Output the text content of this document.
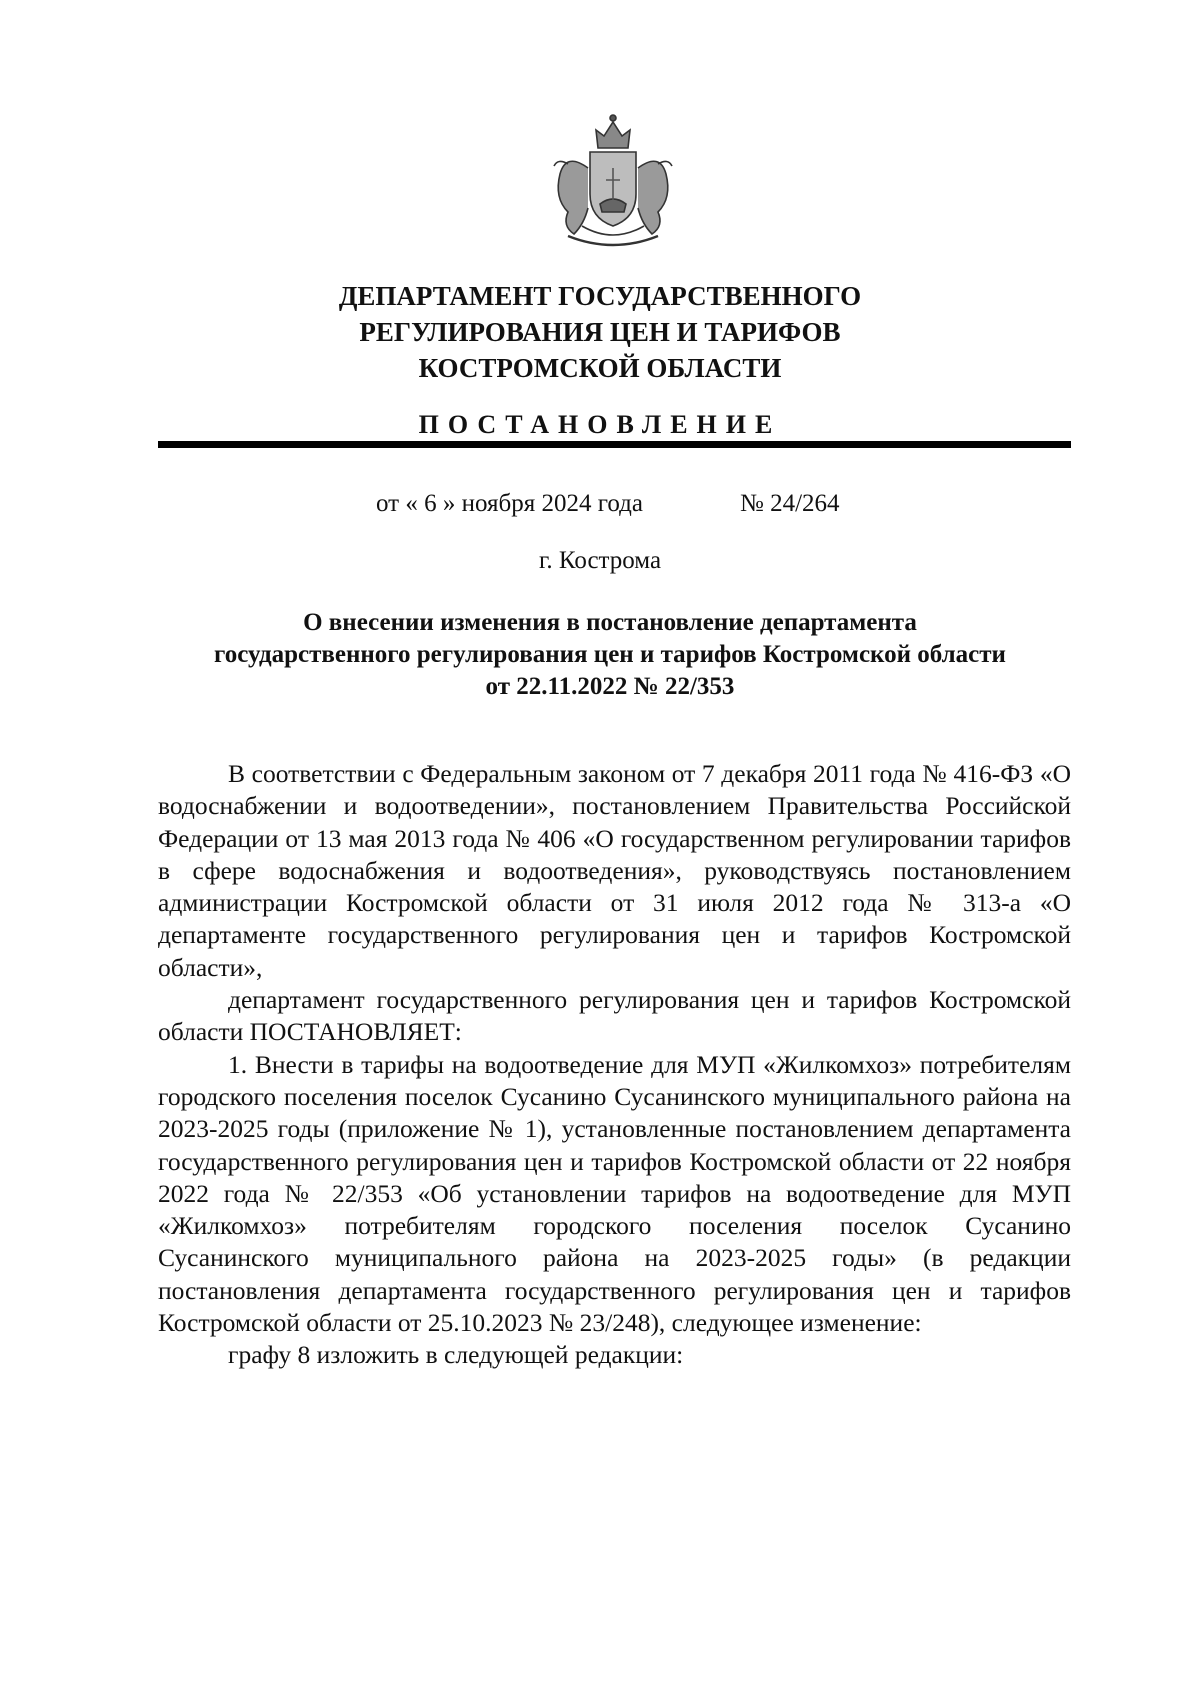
ДЕПАРТАМЕНТ ГОСУДАРСТВЕННОГО
РЕГУЛИРОВАНИЯ ЦЕН И ТАРИФОВ
КОСТРОМСКОЙ ОБЛАСТИ
ПОСТАНОВЛЕНИЕ
от « 6 » ноября 2024 года	№ 24/264
г. Кострома
О внесении изменения в постановление департамента
государственного регулирования цен и тарифов Костромской области
от 22.11.2022 № 22/353

В соответствии с Федеральным законом от 7 декабря 2011 года № 416-ФЗ «О водоснабжении и водоотведении», постановлением Правительства Российской Федерации от 13 мая 2013 года № 406 «О государственном регулировании тарифов в сфере водоснабжения и водоотведения», руководствуясь постановлением администрации Костромской области от 31 июля 2012 года № 313-а «О департаменте государственного регулирования цен и тарифов Костромской области»,

департамент государственного регулирования цен и тарифов Костромской области ПОСТАНОВЛЯЕТ:

1. Внести в тарифы на водоотведение для МУП «Жилкомхоз» потребителям городского поселения поселок Сусанино Сусанинского муниципального района на 2023-2025 годы (приложение № 1), установленные постановлением департамента государственного регулирования цен и тарифов Костромской области от 22 ноября 2022 года № 22/353 «Об установлении тарифов на водоотведение для МУП «Жилкомхоз» потребителям городского поселения поселок Сусанино Сусанинского муниципального района на 2023-2025 годы» (в редакции постановления департамента государственного регулирования цен и тарифов Костромской области от 25.10.2023 № 23/248), следующее изменение:

графу 8 изложить в следующей редакции:
